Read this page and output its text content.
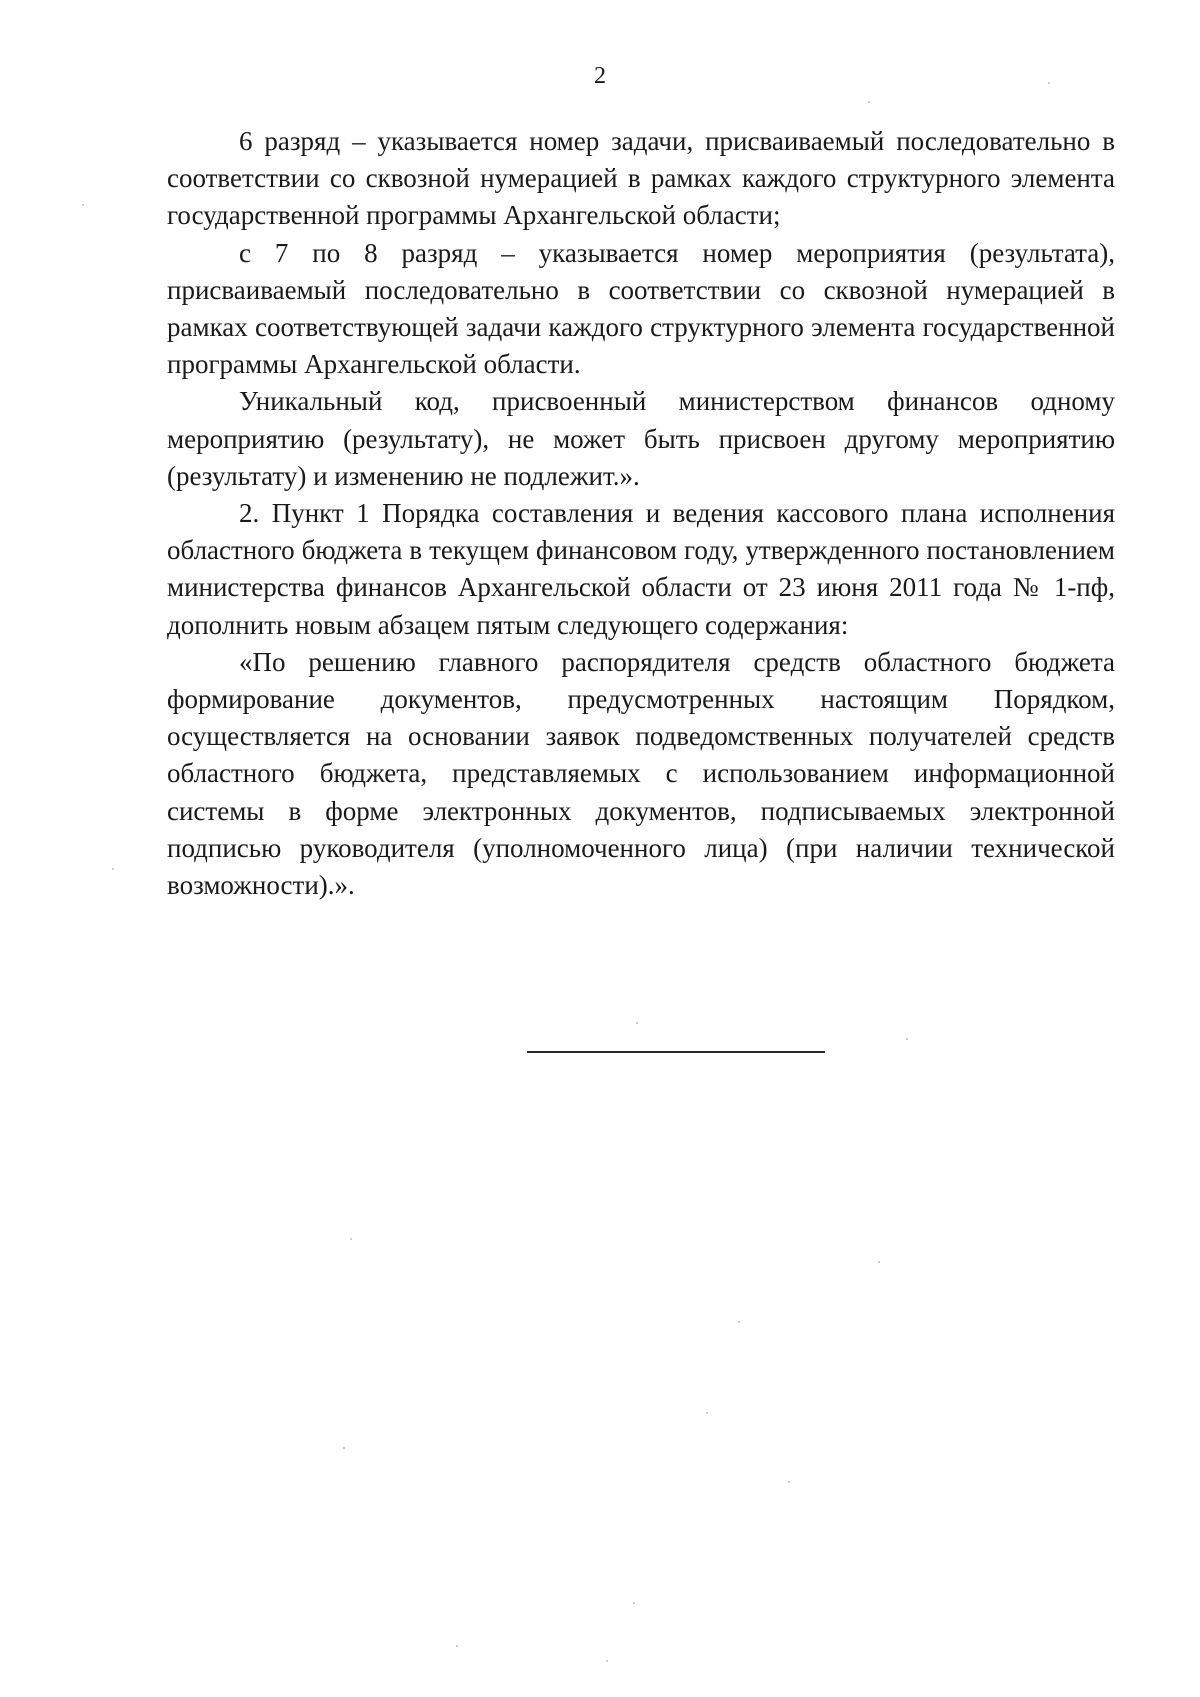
2

6 разряд – указывается номер задачи, присваиваемый последовательно в соответствии со сквозной нумерацией в рамках каждого структурного элемента государственной программы Архангельской области;

с 7 по 8 разряд – указывается номер мероприятия (результата), присваиваемый последовательно в соответствии со сквозной нумерацией в рамках соответствующей задачи каждого структурного элемента государственной программы Архангельской области.

Уникальный код, присвоенный министерством финансов одному мероприятию (результату), не может быть присвоен другому мероприятию (результату) и изменению не подлежит.».

2. Пункт 1 Порядка составления и ведения кассового плана исполнения областного бюджета в текущем финансовом году, утвержденного постановлением министерства финансов Архангельской области от 23 июня 2011 года № 1-пф, дополнить новым абзацем пятым следующего содержания:

«По решению главного распорядителя средств областного бюджета формирование документов, предусмотренных настоящим Порядком, осуществляется на основании заявок подведомственных получателей средств областного бюджета, представляемых с использованием информационной системы в форме электронных документов, подписываемых электронной подписью руководителя (уполномоченного лица) (при наличии технической возможности).».
